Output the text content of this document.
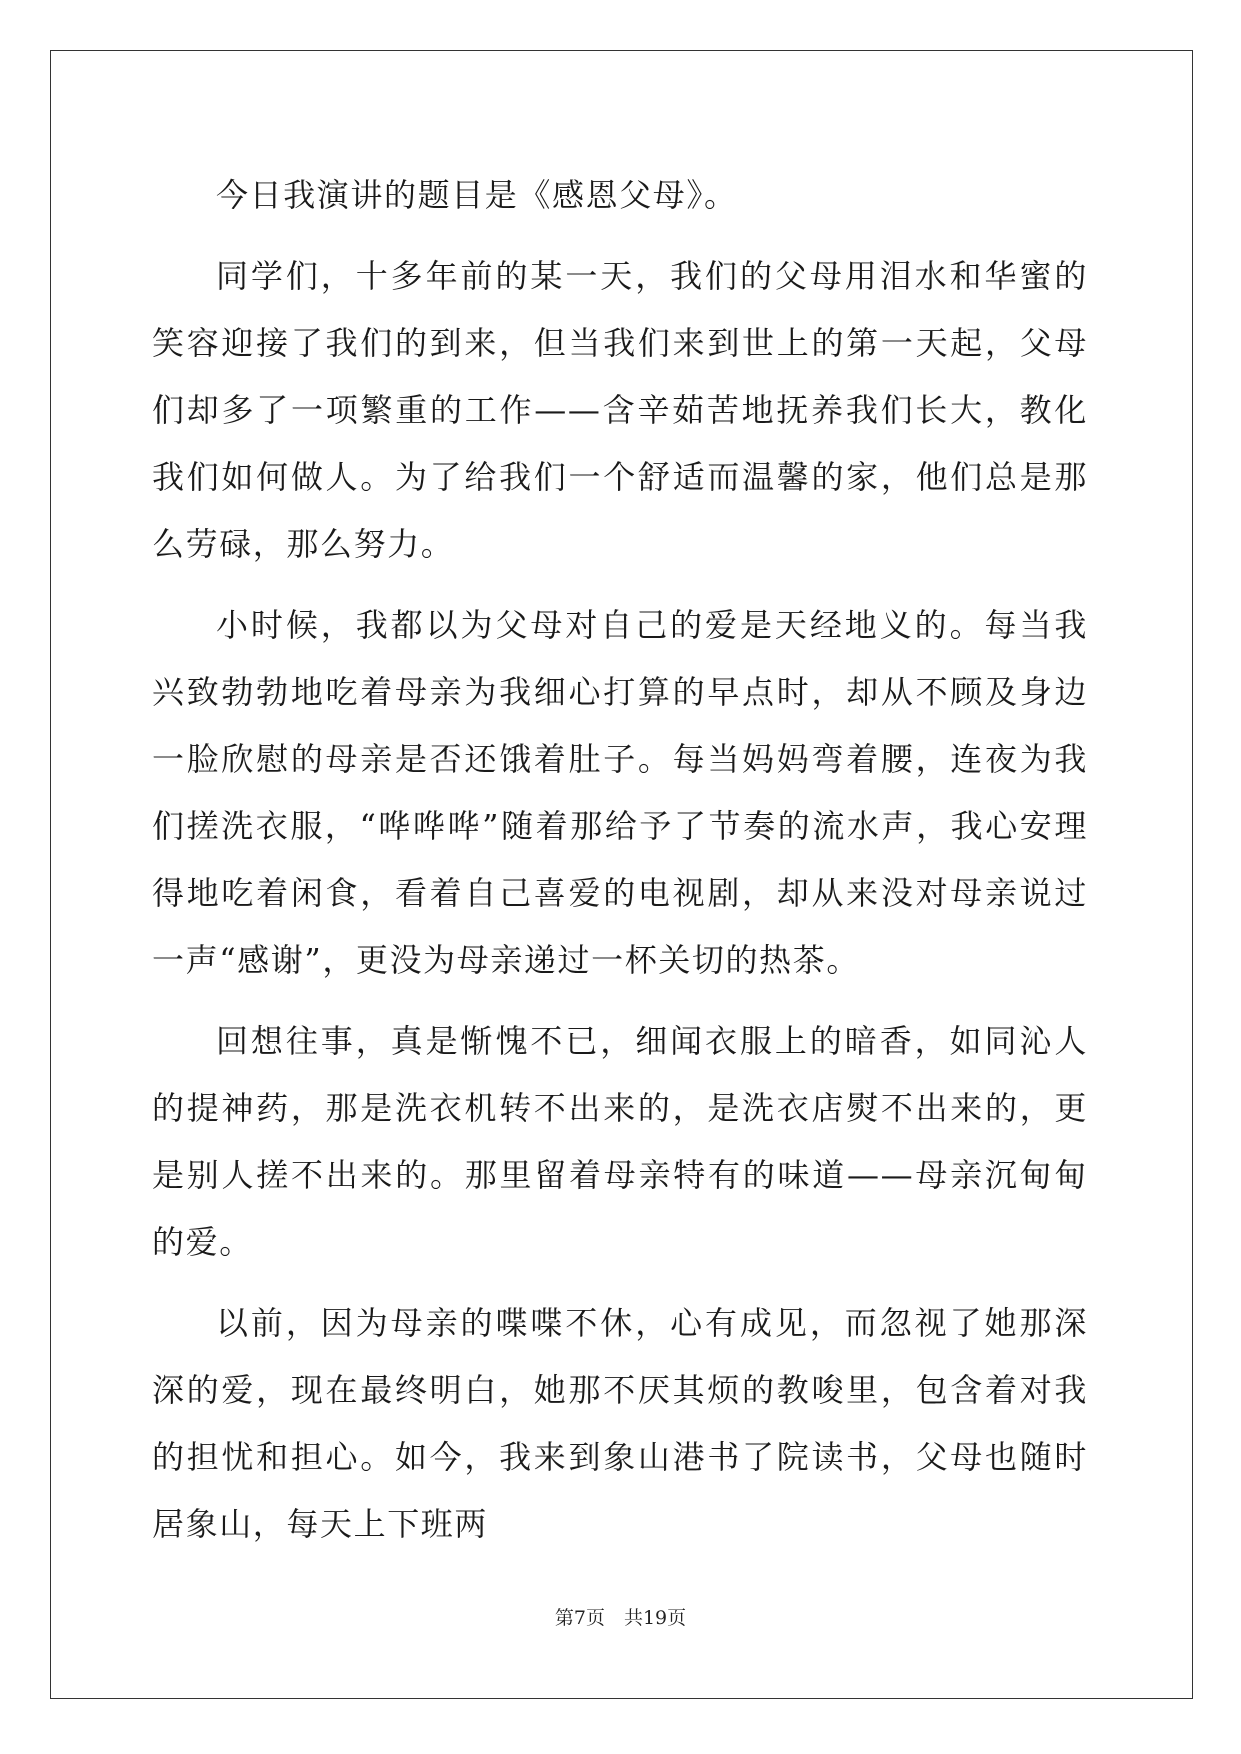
今日我演讲的题目是《感恩父母》。

同学们，十多年前的某一天，我们的父母用泪水和华蜜的笑容迎接了我们的到来，但当我们来到世上的第一天起，父母们却多了一项繁重的工作——含辛茹苦地抚养我们长大，教化我们如何做人。为了给我们一个舒适而温馨的家，他们总是那么劳碌，那么努力。

小时候，我都以为父母对自己的爱是天经地义的。每当我兴致勃勃地吃着母亲为我细心打算的早点时，却从不顾及身边一脸欣慰的母亲是否还饿着肚子。每当妈妈弯着腰，连夜为我们搓洗衣服，“哗哗哗”随着那给予了节奏的流水声，我心安理得地吃着闲食，看着自己喜爱的电视剧，却从来没对母亲说过一声“感谢”，更没为母亲递过一杯关切的热茶。

回想往事，真是惭愧不已，细闻衣服上的暗香，如同沁人的提神药，那是洗衣机转不出来的，是洗衣店熨不出来的，更是别人搓不出来的。那里留着母亲特有的味道——母亲沉甸甸的爱。

以前，因为母亲的喋喋不休，心有成见，而忽视了她那深深的爱，现在最终明白，她那不厌其烦的教唆里，包含着对我的担忧和担心。如今，我来到象山港书了院读书，父母也随时居象山，每天上下班两

第7页　共19页
